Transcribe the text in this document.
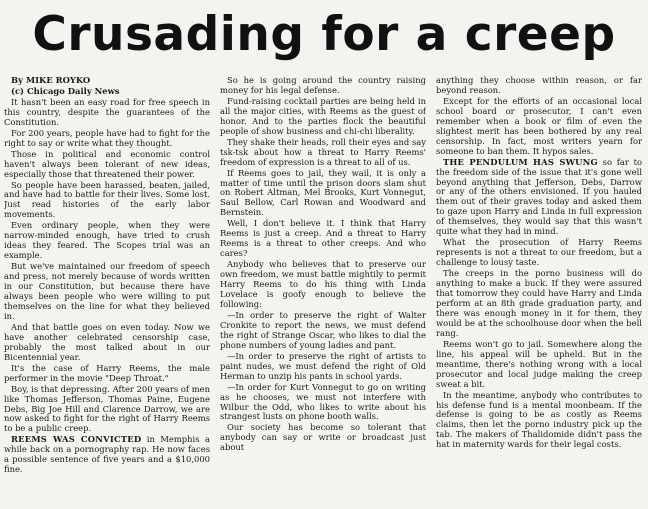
Crusading for a creep

By MIKE ROYKO

(c) Chicago Daily News

It hasn't been an easy road for free speech in this country, despite the guarantees of the Constitution.

For 200 years, people have had to fight for the right to say or write what they thought.

Those in political and economic control haven't always been tolerant of new ideas, especially those that threatened their power.

So people have been harassed, beaten, jailed, and have had to battle for their lives. Some lost. Just read histories of the early labor movements.

Even ordinary people, when they were narrow-minded enough, have tried to crush ideas they feared. The Scopes trial was an example.

But we've maintained our freedom of speech and press, not merely because of words written in our Constitution, but because there have always been people who were willing to put themselves on the line for what they believed in.

And that battle goes on even today. Now we have another celebrated censorship case, probably the most talked about in our Bicentennial year.

It's the case of Harry Reems, the male performer in the movie "Deep Throat."

Boy, is that depressing. After 200 years of men like Thomas Jefferson, Thomas Paine, Eugene Debs, Big Joe Hill and Clarence Darrow, we are now asked to fight for the right of Harry Reems to be a public creep.

REEMS WAS CONVICTED in Memphis a while back on a pornography rap. He now faces a possible sentence of five years and a $10,000 fine.

So he is going around the country raising money for his legal defense.

Fund-raising cocktail parties are being held in all the major cities, with Reems as the guest of honor. And to the parties flock the beautiful people of show business and chi-chi liberality.

They shake their heads, roll their eyes and say tsk-tsk about how a threat to Harry Reems' freedom of expression is a threat to all of us.

If Reems goes to jail, they wail, it is only a matter of time until the prison doors slam shut on Robert Altman, Mel Brooks, Kurt Vonnegut, Saul Bellow, Carl Rowan and Woodward and Bernstein.

Well, I don't believe it. I think that Harry Reems is just a creep. And a threat to Harry Reems is a threat to other creeps. And who cares?

Anybody who believes that to preserve our own freedom, we must battle mightily to permit Harry Reems to do his thing with Linda Lovelace is goofy enough to believe the following:

—In order to preserve the right of Walter Cronkite to report the news, we must defend the right of Strange Oscar, who likes to dial the phone numbers of young ladies and pant.

—In order to preserve the right of artists to paint nudes, we must defend the right of Old Herman to unzip his pants in school yards.

—In order for Kurt Vonnegut to go on writing as he chooses, we must not interfere with Wilbur the Odd, who likes to write about his strangest lusts on phone booth walls.

Our society has become so tolerant that anybody can say or write or broadcast just about

anything they choose within reason, or far beyond reason.

Except for the efforts of an occasional local school board or prosecutor, I can't even remember when a book or film of even the slightest merit has been bothered by any real censorship. In fact, most writers yearn for someone to ban them. It hypos sales.

THE PENDULUM HAS SWUNG so far to the freedom side of the issue that it's gone well beyond anything that Jefferson, Debs, Darrow or any of the others envisioned. If you hauled them out of their graves today and asked them to gaze upon Harry and Linda in full expression of themselves, they would say that this wasn't quite what they had in mind.

What the prosecution of Harry Reems represents is not a threat to our freedom, but a challenge to lousy taste.

The creeps in the porno business will do anything to make a buck. If they were assured that tomorrow they could have Harry and Linda perform at an 8th grade graduation party, and there was enough money in it for them, they would be at the schoolhouse door when the bell rang.

Reems won't go to jail. Somewhere along the line, his appeal will be upheld. But in the meantime, there's nothing wrong with a local prosecutor and local judge making the creep sweat a bit.

In the meantime, anybody who contributes to his defense fund is a mental moonbeam. If the defense is going to be as costly as Reems claims, then let the porno industry pick up the tab. The makers of Thalidomide didn't pass the hat in maternity wards for their legal costs.
